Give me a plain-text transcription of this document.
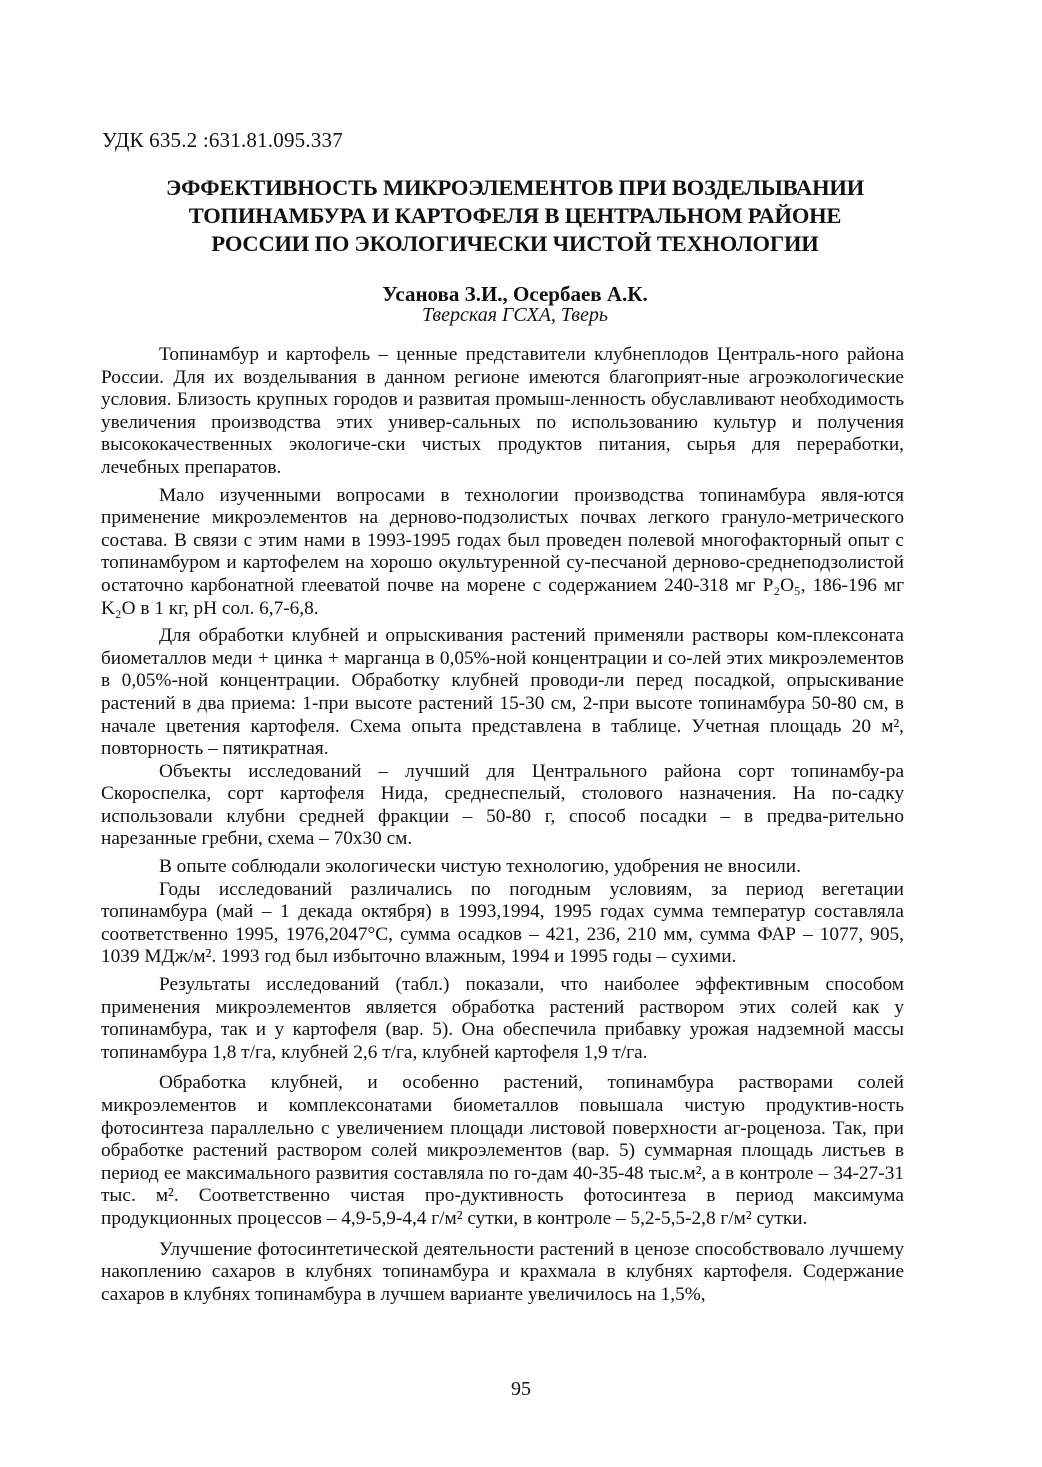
УДК 635.2 :631.81.095.337
ЭФФЕКТИВНОСТЬ МИКРОЭЛЕМЕНТОВ ПРИ ВОЗДЕЛЫВАНИИ
ТОПИНАМБУРА И КАРТОФЕЛЯ В ЦЕНТРАЛЬНОМ РАЙОНЕ
РОССИИ ПО ЭКОЛОГИЧЕСКИ ЧИСТОЙ ТЕХНОЛОГИИ
Усанова З.И., Осербаев А.К.
Тверская ГСХА, Тверь

Топинамбур и картофель – ценные представители клубнеплодов Централь-ного района России. Для их возделывания в данном регионе имеются благоприят-ные агроэкологические условия. Близость крупных городов и развитая промыш-ленность обуславливают необходимость увеличения производства этих универ-сальных по использованию культур и получения высококачественных экологиче-ски чистых продуктов питания, сырья для переработки, лечебных препаратов.

Мало изученными вопросами в технологии производства топинамбура явля-ются применение микроэлементов на дерново-подзолистых почвах легкого грануло-метрического состава. В связи с этим нами в 1993-1995 годах был проведен полевой многофакторный опыт с топинамбуром и картофелем на хорошо окультуренной су-песчаной дерново-среднеподзолистой остаточно карбонатной глееватой почве на морене с содержанием 240-318 мг P₂O₅, 186-196 мг K₂O в 1 кг, pH сол. 6,7-6,8.

Для обработки клубней и опрыскивания растений применяли растворы ком-плексоната биометаллов меди + цинка + марганца в 0,05%-ной концентрации и со-лей этих микроэлементов в 0,05%-ной концентрации. Обработку клубней проводи-ли перед посадкой, опрыскивание растений в два приема: 1-при высоте растений 15-30 см, 2-при высоте топинамбура 50-80 см, в начале цветения картофеля. Схема опыта представлена в таблице. Учетная площадь 20 м², повторность – пятикратная.

Объекты исследований – лучший для Центрального района сорт топинамбу-ра Скороспелка, сорт картофеля Нида, среднеспелый, столового назначения. На по-садку использовали клубни средней фракции – 50-80 г, способ посадки – в предва-рительно нарезанные гребни, схема – 70х30 см.

В опыте соблюдали экологически чистую технологию, удобрения не вносили.

Годы исследований различались по погодным условиям, за период вегетации топинамбура (май – 1 декада октября) в 1993,1994, 1995 годах сумма температур составляла соответственно 1995, 1976,2047°С, сумма осадков – 421, 236, 210 мм, сумма ФАР – 1077, 905, 1039 МДж/м². 1993 год был избыточно влажным, 1994 и 1995 годы – сухими.

Результаты исследований (табл.) показали, что наиболее эффективным способом применения микроэлементов является обработка растений раствором этих солей как у топинамбура, так и у картофеля (вар. 5). Она обеспечила прибавку урожая надземной массы топинамбура 1,8 т/га, клубней 2,6 т/га, клубней картофеля 1,9 т/га.

Обработка клубней, и особенно растений, топинамбура растворами солей микроэлементов и комплексонатами биометаллов повышала чистую продуктив-ность фотосинтеза параллельно с увеличением площади листовой поверхности аг-роценоза. Так, при обработке растений раствором солей микроэлементов (вар. 5) суммарная площадь листьев в период ее максимального развития составляла по го-дам 40-35-48 тыс.м², а в контроле – 34-27-31 тыс. м². Соответственно чистая про-дуктивность фотосинтеза в период максимума продукционных процессов – 4,9-5,9-4,4 г/м² сутки, в контроле – 5,2-5,5-2,8 г/м² сутки.

Улучшение фотосинтетической деятельности растений в ценозе способствовало лучшему накоплению сахаров в клубнях топинамбура и крахмала в клубнях картофеля. Содержание сахаров в клубнях топинамбура в лучшем варианте увеличилось на 1,5%,

95
